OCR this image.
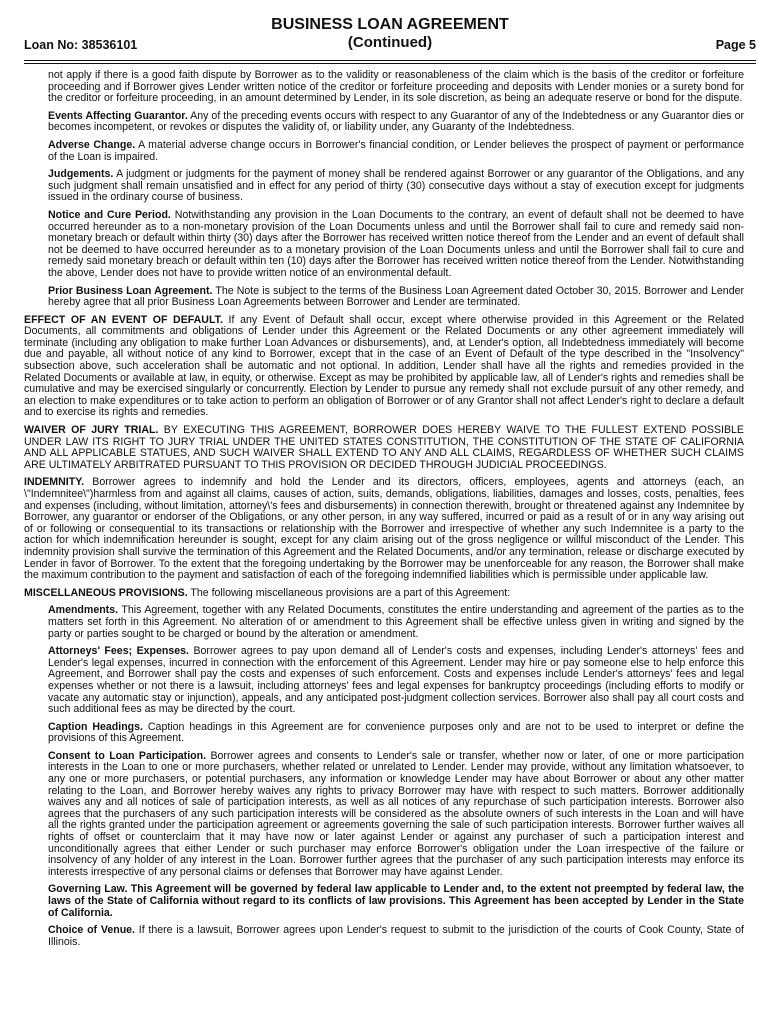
BUSINESS LOAN AGREEMENT
(Continued)
Loan No: 38536101	Page 5

not apply if there is a good faith dispute by Borrower as to the validity or reasonableness of the claim which is the basis of the creditor or forfeiture proceeding and if Borrower gives Lender written notice of the creditor or forfeiture proceeding and deposits with Lender monies or a surety bond for the creditor or forfeiture proceeding, in an amount determined by Lender, in its sole discretion, as being an adequate reserve or bond for the dispute.

Events Affecting Guarantor. Any of the preceding events occurs with respect to any Guarantor of any of the Indebtedness or any Guarantor dies or becomes incompetent, or revokes or disputes the validity of, or liability under, any Guaranty of the Indebtedness.

Adverse Change. A material adverse change occurs in Borrower's financial condition, or Lender believes the prospect of payment or performance of the Loan is impaired.

Judgements. A judgment or judgments for the payment of money shall be rendered against Borrower or any guarantor of the Obligations, and any such judgment shall remain unsatisfied and in effect for any period of thirty (30) consecutive days without a stay of execution except for judgments issued in the ordinary course of business.

Notice and Cure Period. Notwithstanding any provision in the Loan Documents to the contrary, an event of default shall not be deemed to have occurred hereunder as to a non-monetary provision of the Loan Documents unless and until the Borrower shall fail to cure and remedy said non-monetary breach or default within thirty (30) days after the Borrower has received written notice thereof from the Lender and an event of default shall not be deemed to have occurred hereunder as to a monetary provision of the Loan Documents unless and until the Borrower shall fail to cure and remedy said monetary breach or default within ten (10) days after the Borrower has received written notice thereof from the Lender. Notwithstanding the above, Lender does not have to provide written notice of an environmental default.

Prior Business Loan Agreement. The Note is subject to the terms of the Business Loan Agreement dated October 30, 2015. Borrower and Lender hereby agree that all prior Business Loan Agreements between Borrower and Lender are terminated.

EFFECT OF AN EVENT OF DEFAULT. If any Event of Default shall occur, except where otherwise provided in this Agreement or the Related Documents, all commitments and obligations of Lender under this Agreement or the Related Documents or any other agreement immediately will terminate (including any obligation to make further Loan Advances or disbursements), and, at Lender's option, all Indebtedness immediately will become due and payable, all without notice of any kind to Borrower, except that in the case of an Event of Default of the type described in the "Insolvency" subsection above, such acceleration shall be automatic and not optional. In addition, Lender shall have all the rights and remedies provided in the Related Documents or available at law, in equity, or otherwise. Except as may be prohibited by applicable law, all of Lender's rights and remedies shall be cumulative and may be exercised singularly or concurrently. Election by Lender to pursue any remedy shall not exclude pursuit of any other remedy, and an election to make expenditures or to take action to perform an obligation of Borrower or of any Grantor shall not affect Lender's right to declare a default and to exercise its rights and remedies.

WAIVER OF JURY TRIAL. BY EXECUTING THIS AGREEMENT, BORROWER DOES HEREBY WAIVE TO THE FULLEST EXTEND POSSIBLE UNDER LAW ITS RIGHT TO JURY TRIAL UNDER THE UNITED STATES CONSTITUTION, THE CONSTITUTION OF THE STATE OF CALIFORNIA AND ALL APPLICABLE STATUES, AND SUCH WAIVER SHALL EXTEND TO ANY AND ALL CLAIMS, REGARDLESS OF WHETHER SUCH CLAIMS ARE ULTIMATELY ARBITRATED PURSUANT TO THIS PROVISION OR DECIDED THROUGH JUDICIAL PROCEEDINGS.

INDEMNITY. Borrower agrees to indemnify and hold the Lender and its directors, officers, employees, agents and attorneys (each, an \"Indemnitee\")harmless from and against all claims, causes of action, suits, demands, obligations, liabilities, damages and losses, costs, penalties, fees and expenses (including, without limitation, attorney\'s fees and disbursements) in connection therewith, brought or threatened against any Indemnitee by Borrower, any guarantor or endorser of the Obligations, or any other person, in any way suffered, incurred or paid as a result of or in any way arising out of or following or consequential to its transactions or relationship with the Borrower and irrespective of whether any such Indemnitee is a party to the action for which indemnification hereunder is sought, except for any claim arising out of the gross negligence or willful misconduct of the Lender. This indemnity provision shall survive the termination of this Agreement and the Related Documents, and/or any termination, release or discharge executed by Lender in favor of Borrower. To the extent that the foregoing undertaking by the Borrower may be unenforceable for any reason, the Borrower shall make the maximum contribution to the payment and satisfaction of each of the foregoing indemnified liabilities which is permissible under applicable law.

MISCELLANEOUS PROVISIONS. The following miscellaneous provisions are a part of this Agreement:

Amendments. This Agreement, together with any Related Documents, constitutes the entire understanding and agreement of the parties as to the matters set forth in this Agreement. No alteration of or amendment to this Agreement shall be effective unless given in writing and signed by the party or parties sought to be charged or bound by the alteration or amendment.

Attorneys' Fees; Expenses. Borrower agrees to pay upon demand all of Lender's costs and expenses, including Lender's attorneys' fees and Lender's legal expenses, incurred in connection with the enforcement of this Agreement. Lender may hire or pay someone else to help enforce this Agreement, and Borrower shall pay the costs and expenses of such enforcement. Costs and expenses include Lender's attorneys' fees and legal expenses whether or not there is a lawsuit, including attorneys' fees and legal expenses for bankruptcy proceedings (including efforts to modify or vacate any automatic stay or injunction), appeals, and any anticipated post-judgment collection services. Borrower also shall pay all court costs and such additional fees as may be directed by the court.

Caption Headings. Caption headings in this Agreement are for convenience purposes only and are not to be used to interpret or define the provisions of this Agreement.

Consent to Loan Participation. Borrower agrees and consents to Lender's sale or transfer, whether now or later, of one or more participation interests in the Loan to one or more purchasers, whether related or unrelated to Lender. Lender may provide, without any limitation whatsoever, to any one or more purchasers, or potential purchasers, any information or knowledge Lender may have about Borrower or about any other matter relating to the Loan, and Borrower hereby waives any rights to privacy Borrower may have with respect to such matters. Borrower additionally waives any and all notices of sale of participation interests, as well as all notices of any repurchase of such participation interests. Borrower also agrees that the purchasers of any such participation interests will be considered as the absolute owners of such interests in the Loan and will have all the rights granted under the participation agreement or agreements governing the sale of such participation interests. Borrower further waives all rights of offset or counterclaim that it may have now or later against Lender or against any purchaser of such a participation interest and unconditionally agrees that either Lender or such purchaser may enforce Borrower's obligation under the Loan irrespective of the failure or insolvency of any holder of any interest in the Loan. Borrower further agrees that the purchaser of any such participation interests may enforce its interests irrespective of any personal claims or defenses that Borrower may have against Lender.

Governing Law. This Agreement will be governed by federal law applicable to Lender and, to the extent not preempted by federal law, the laws of the State of California without regard to its conflicts of law provisions. This Agreement has been accepted by Lender in the State of California.

Choice of Venue. If there is a lawsuit, Borrower agrees upon Lender's request to submit to the jurisdiction of the courts of Cook County, State of Illinois.
